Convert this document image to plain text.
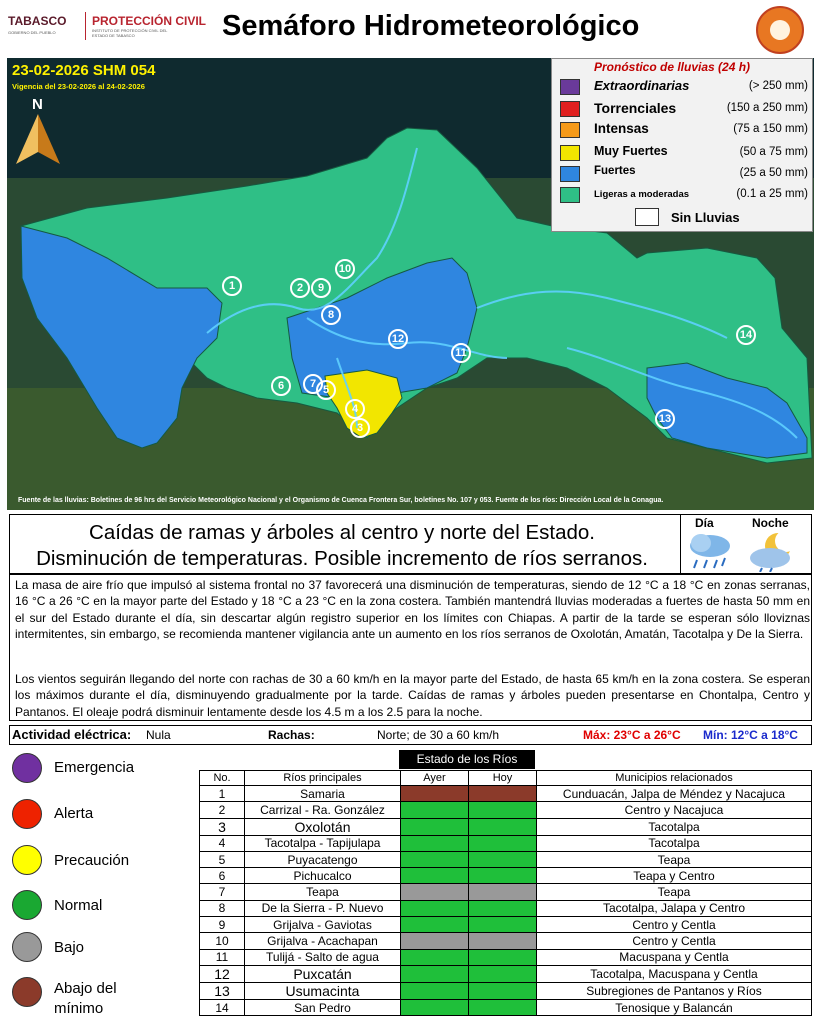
TABASCO
GOBIERNO DEL PUEBLO
PROTECCIÓN CIVIL
INSTITUTO DE PROTECCIÓN CIVIL DEL ESTADO DE TABASCO	Semáforo Hidrometeorológico
1	2	9
10
8
12
11
6	7 5
4
3
14
13
23-02-2026 SHM 054
Vigencia del 23-02-2026 al 24-02-2026
N
Fuente de las lluvias: Boletines de 96 hrs del Servicio Meteorológico Nacional y el Organismo de Cuenca Frontera Sur, boletines No. 107 y 053. Fuente de los ríos: Dirección Local de la Conagua.
Pronóstico de lluvias (24 h)
Extraordinarias	(> 250 mm)
Torrenciales	(150 a 250 mm)
Intensas	(75 a 150 mm)
Muy Fuertes	(50 a 75 mm)
Fuertes	(25 a 50 mm)
Ligeras a moderadas	(0.1 a 25 mm)
Sin Lluvias
Caídas de ramas y árboles al centro y norte del Estado.
Disminución de temperaturas. Posible incremento de ríos serranos.
Día	Noche
La masa de aire frío que impulsó al sistema frontal no 37 favorecerá una disminución de temperaturas, siendo de 12 °C a 18 °C en zonas serranas, 16 °C a 26 °C en la mayor parte del Estado y 18 °C a 23 °C en la zona costera. También mantendrá lluvias moderadas a fuertes de hasta 50 mm en el sur del Estado durante el día, sin descartar algún registro superior en los límites con Chiapas. A partir de la tarde se esperan sólo lloviznas intermitentes, sin embargo, se recomienda mantener vigilancia ante un aumento en los ríos serranos de Oxolotán, Amatán, Tacotalpa y De la Sierra.
Los vientos seguirán llegando del norte con rachas de 30 a 60 km/h en la mayor parte del Estado, de hasta 65 km/h en la zona costera. Se esperan los máximos durante el día, disminuyendo gradualmente por la tarde. Caídas de ramas y árboles pueden presentarse en Chontalpa, Centro y Pantanos. El oleaje podrá disminuir lentamente desde los 4.5 m a los 2.5 para la noche.
Actividad eléctrica: Nula	Rachas:	Norte; de 30 a 60 km/h	Máx: 23°C a 26°C Mín: 12°C a 18°C
Emergencia
Alerta
Precaución
Normal
Bajo
Abajo del mínimo
Estado de los Ríos
No.	Ríos principales	Ayer	Hoy	Municipios relacionados
1	Samaria			Cunduacán, Jalpa de Méndez y Nacajuca
2	Carrizal - Ra. González			Centro y Nacajuca
3	Oxolotán			Tacotalpa
4	Tacotalpa - Tapijulapa			Tacotalpa
5	Puyacatengo			Teapa
6	Pichucalco			Teapa y Centro
7	Teapa			Teapa
8	De la Sierra - P. Nuevo			Tacotalpa, Jalapa y Centro
9	Grijalva - Gaviotas			Centro y Centla
10	Grijalva - Acachapan			Centro y Centla
11	Tulijá - Salto de agua			Macuspana y Centla
12	Puxcatán			Tacotalpa, Macuspana y Centla
13	Usumacinta			Subregiones de Pantanos y Ríos
14	San Pedro			Tenosique y Balancán
